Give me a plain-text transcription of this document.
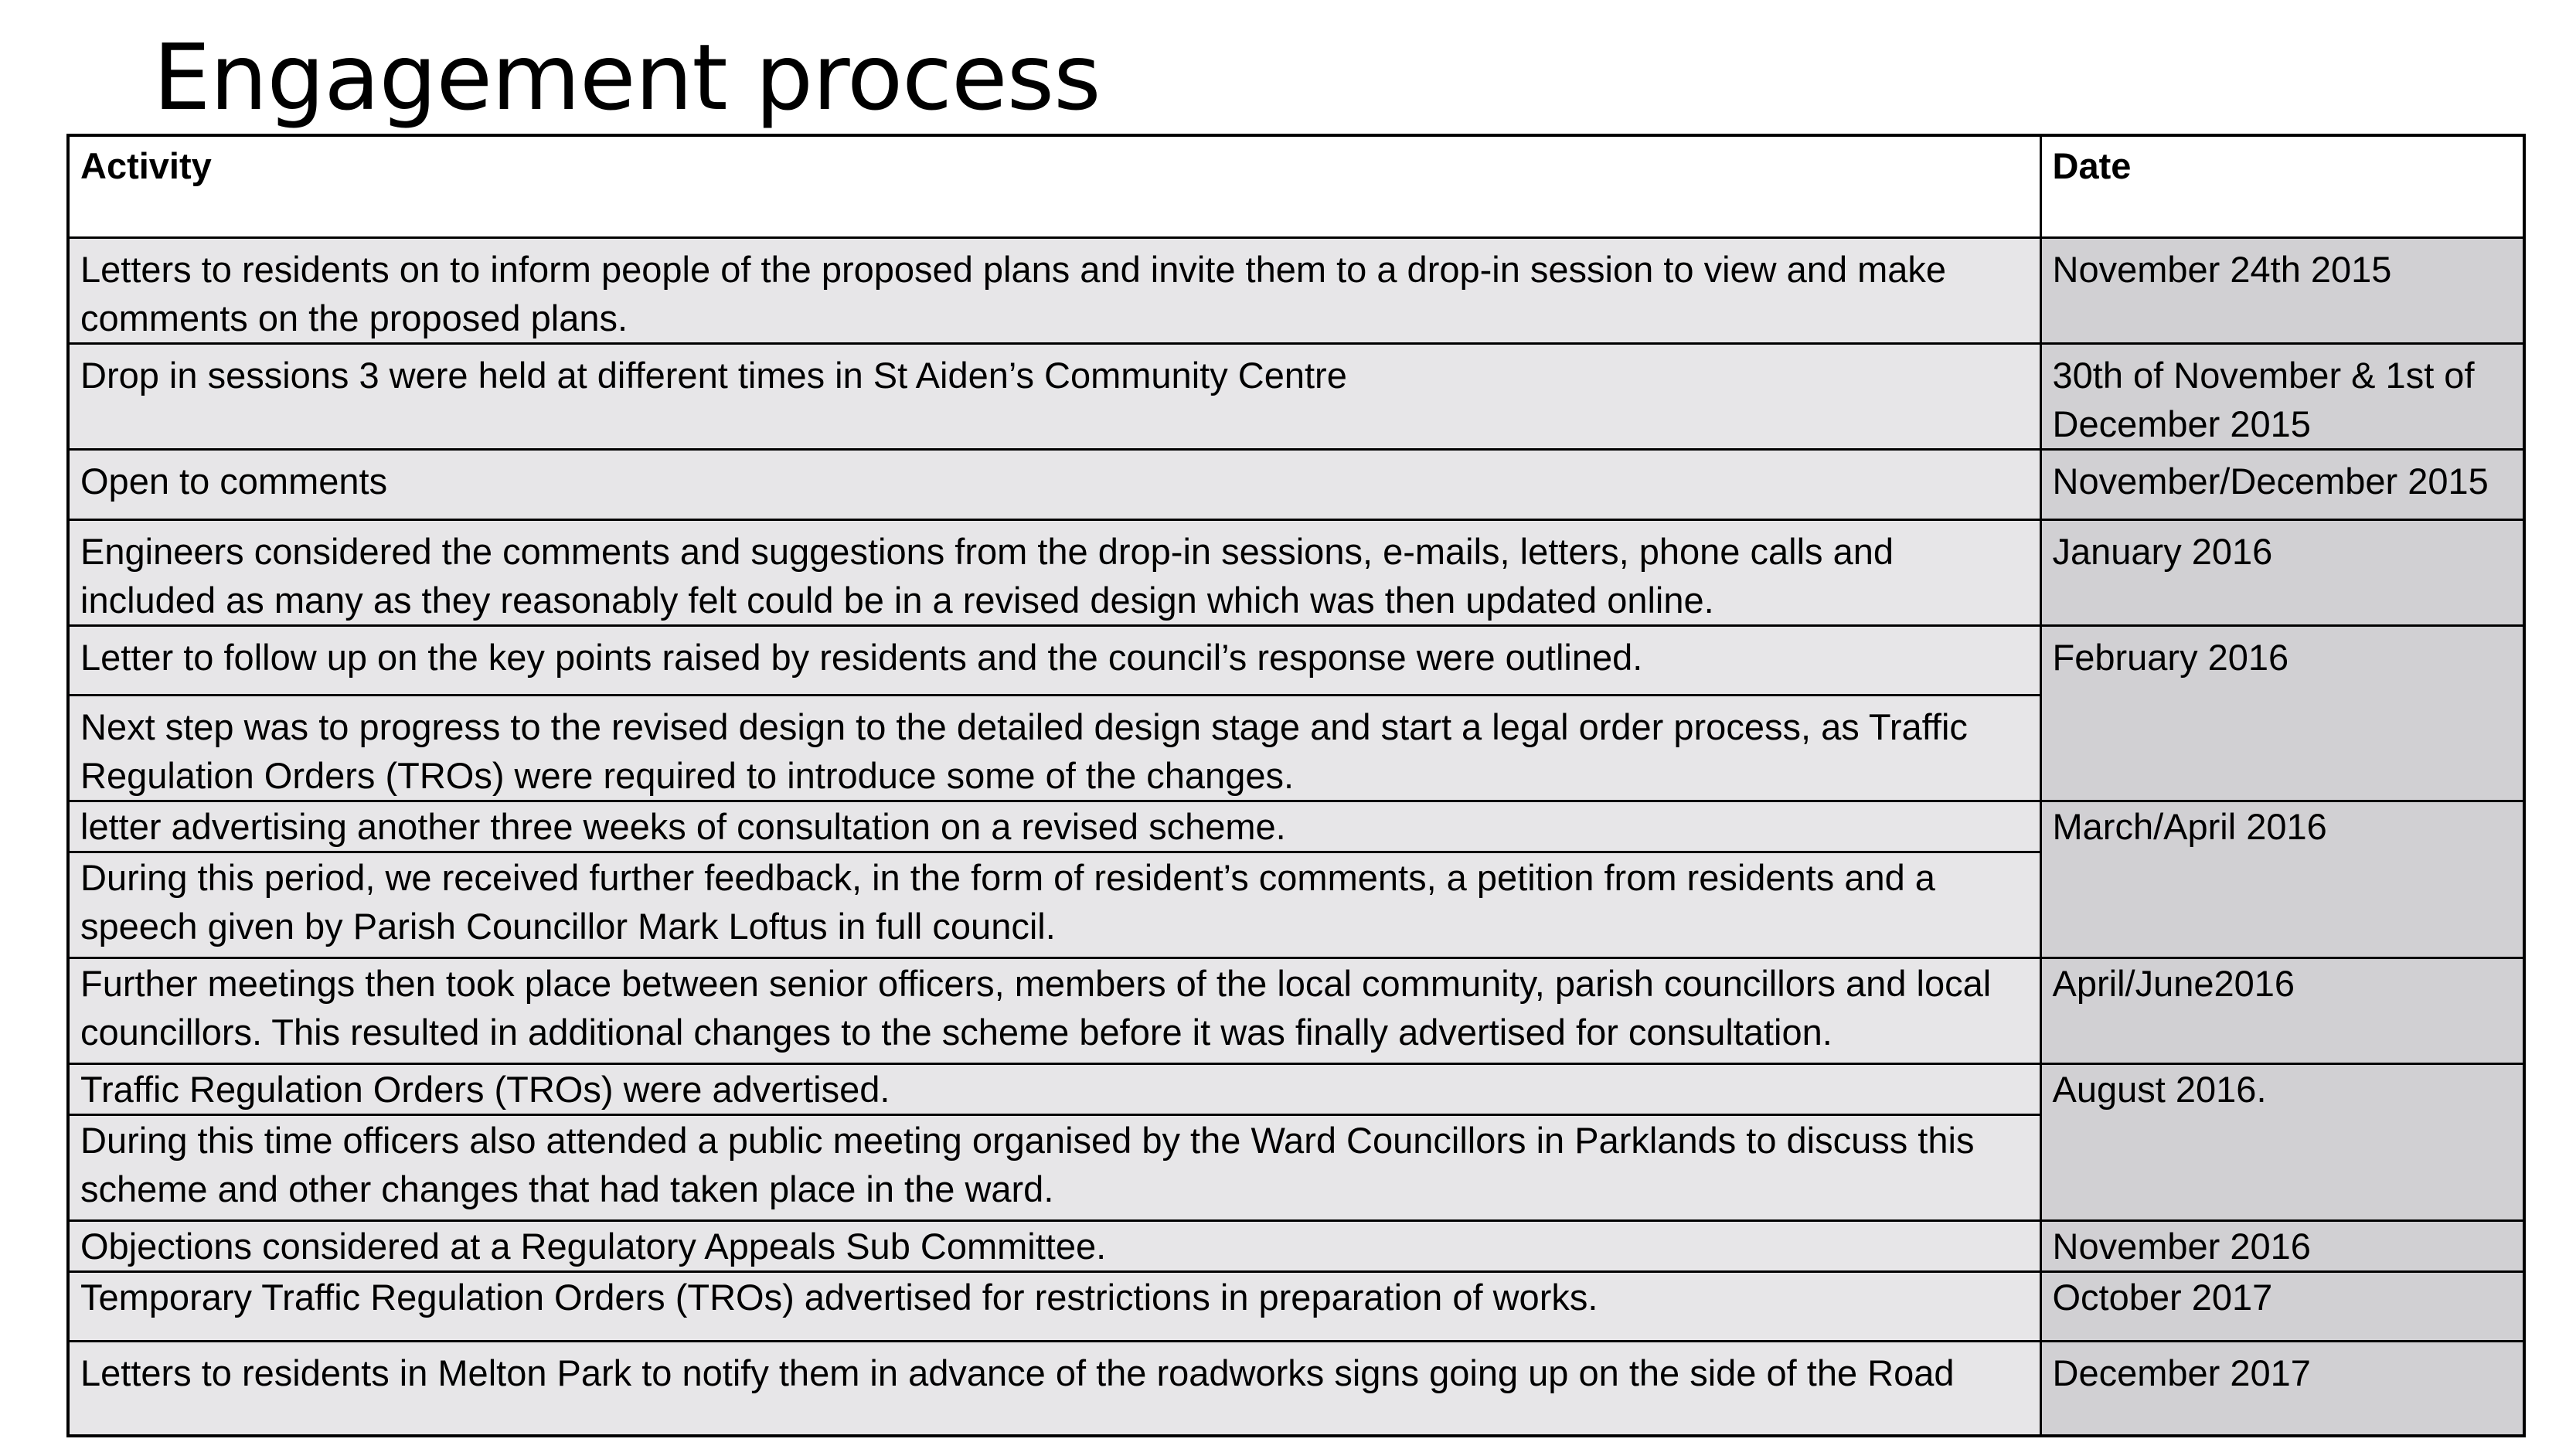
Engagement process
Activity	Date
Letters to residents on to inform people of the proposed plans and invite them to a drop-in session to view and make comments on the proposed plans.	November 24th 2015
Drop in sessions 3 were held at different times in St Aiden’s Community Centre	30th of November & 1st of December 2015
Open to comments	November/December 2015
Engineers considered the comments and suggestions from the drop-in sessions, e-mails, letters, phone calls and included as many as they reasonably felt could be in a revised design which was then updated online.	January 2016
Letter to follow up on the key points raised by residents and the council’s response were outlined.	February 2016
Next step was to progress to the revised design to the detailed design stage and start a legal order process, as Traffic Regulation Orders (TROs) were required to introduce some of the changes.	
letter advertising another three weeks of consultation on a revised scheme.	March/April 2016
During this period, we received further feedback, in the form of resident’s comments, a petition from residents and a speech given by Parish Councillor Mark Loftus in full council.	
Further meetings then took place between senior officers, members of the local community, parish councillors and local councillors. This resulted in additional changes to the scheme before it was finally advertised for consultation.	April/June2016
Traffic Regulation Orders (TROs) were advertised.	August 2016.
During this time officers also attended a public meeting organised by the Ward Councillors in Parklands to discuss this scheme and other changes that had taken place in the ward.	
Objections considered at a Regulatory Appeals Sub Committee.	November 2016
Temporary Traffic Regulation Orders (TROs) advertised for restrictions in preparation of works.	October 2017
Letters to residents in Melton Park to notify them in advance of the roadworks signs going up on the side of the Road	December 2017
